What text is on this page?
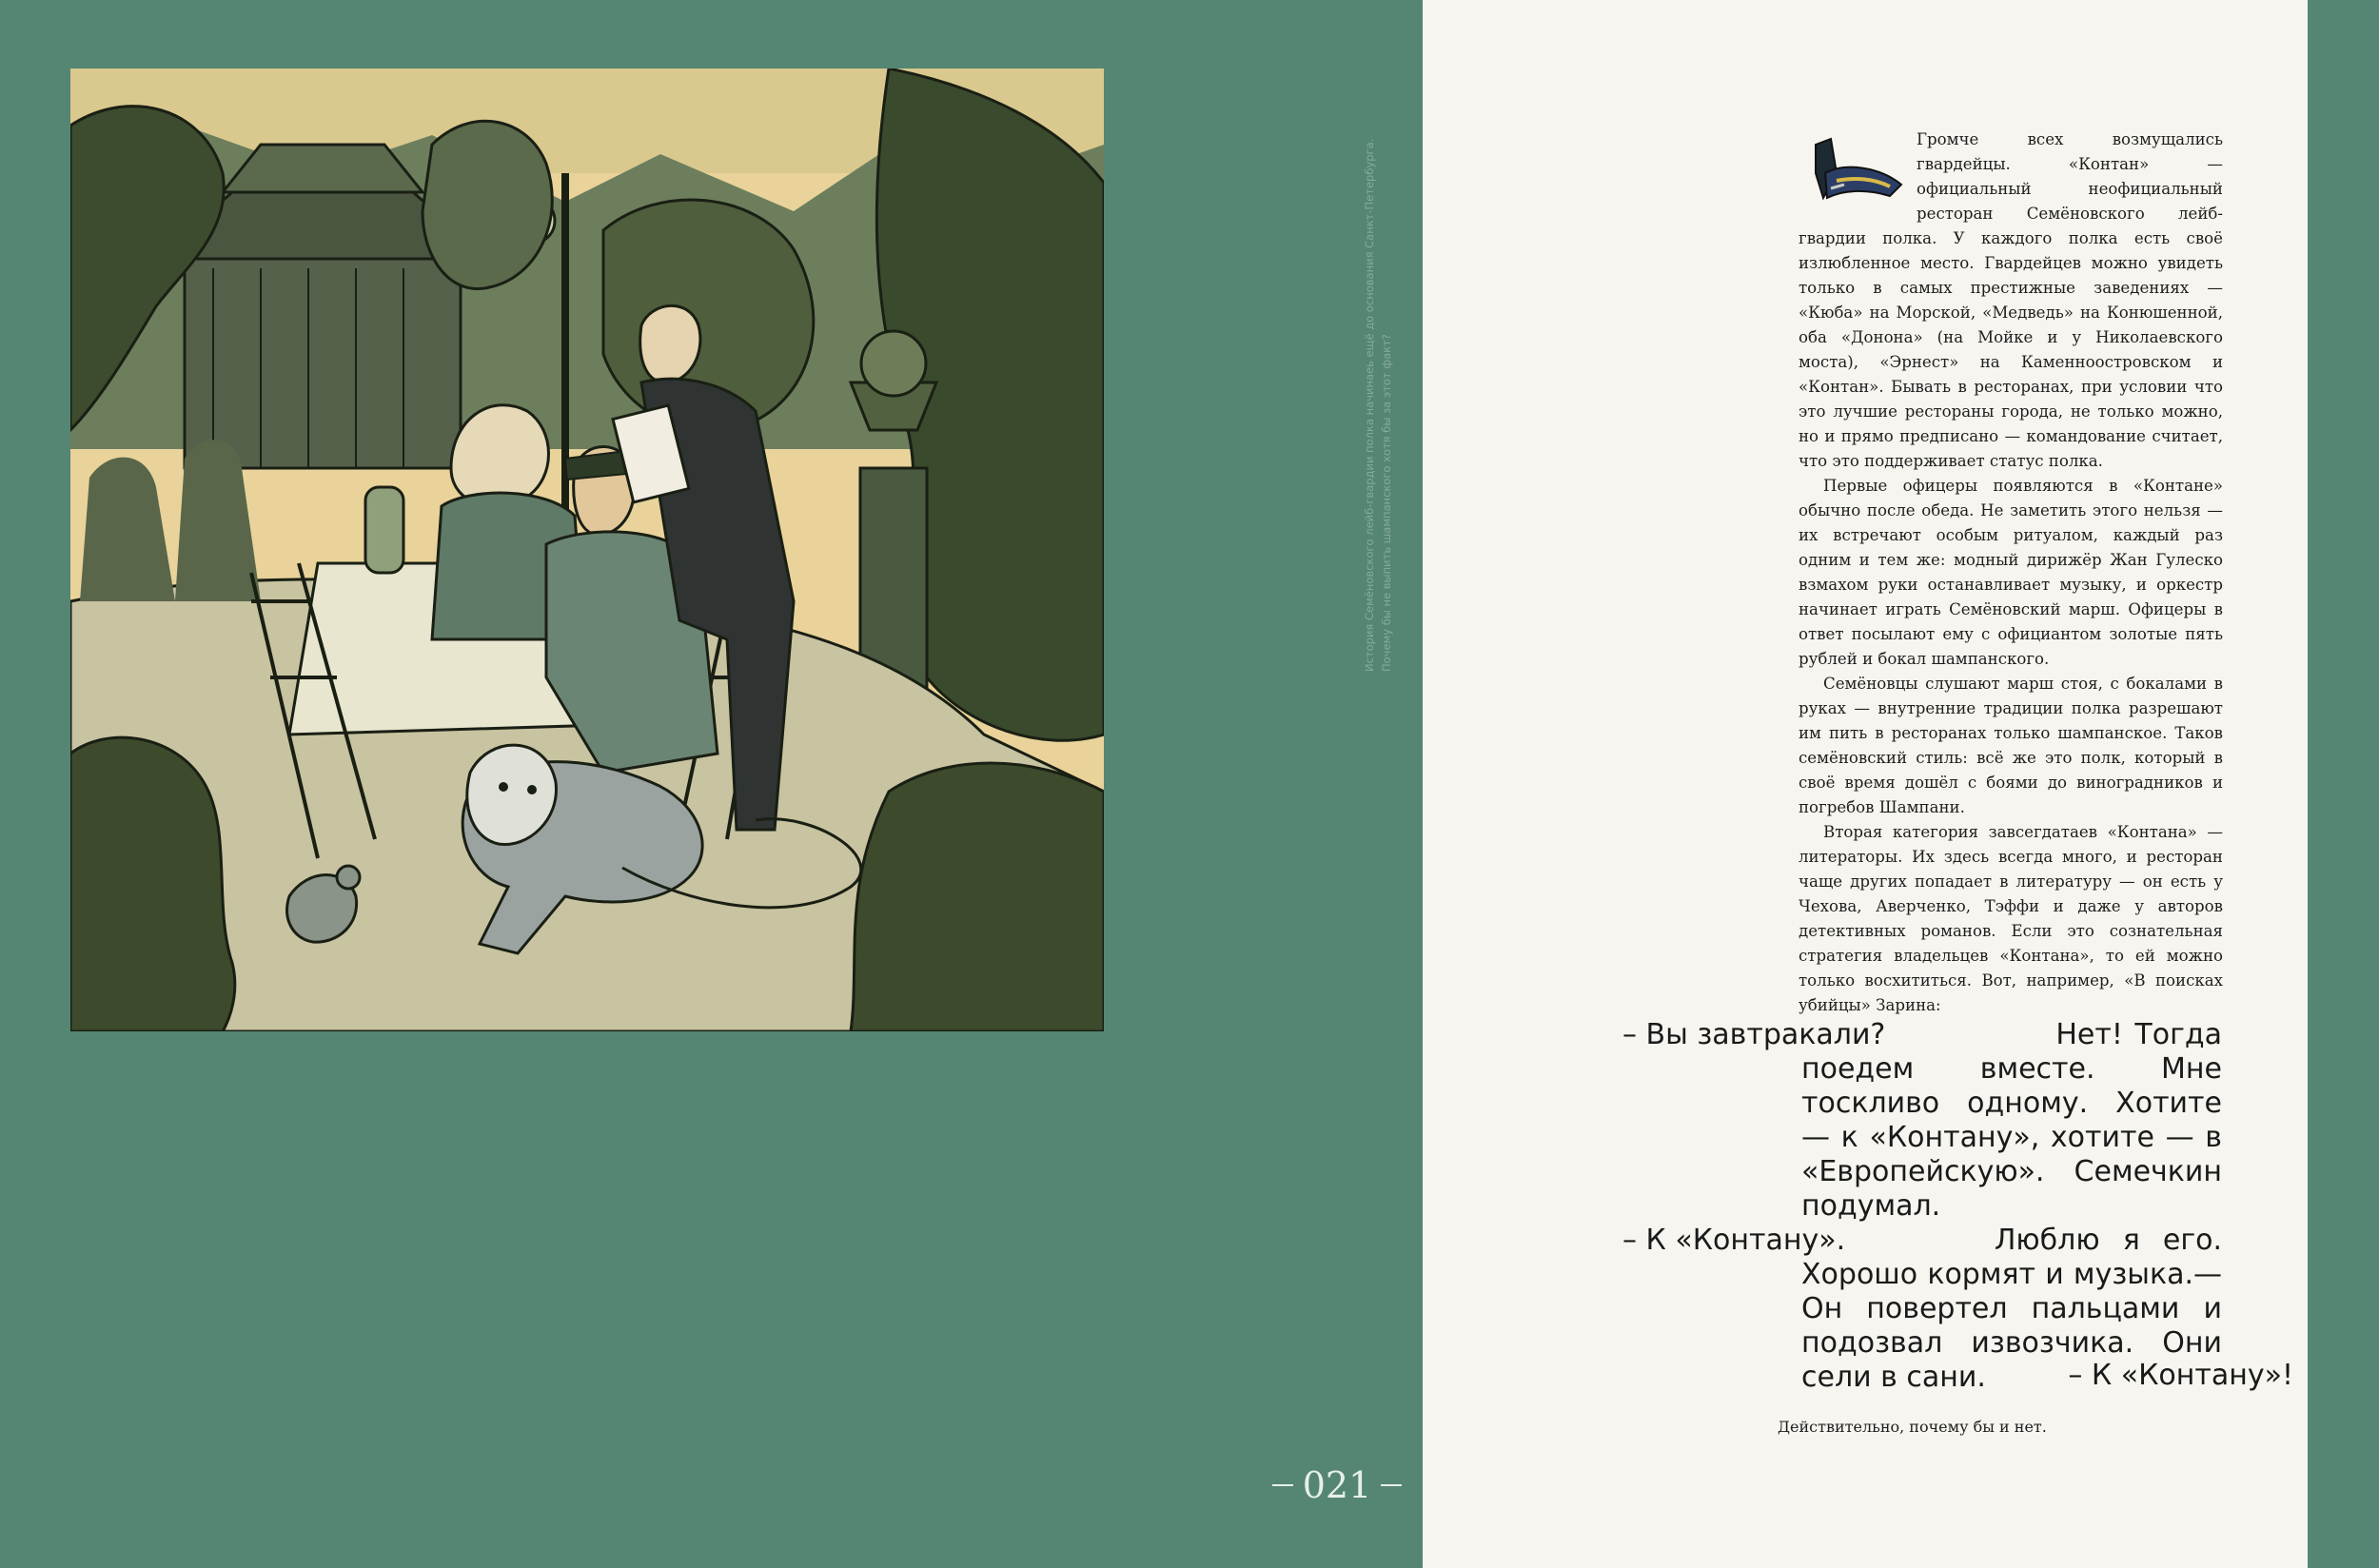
История Семёновского лейб-гвардии полка начинаеь ещё до основания Санкт-Петербурга. Почему бы не выпить шампанского хотя бы за этот факт?
021

Громче всех возмущались гвардейцы. «Контан» — официальный неофициальный ресторан Семёновского лейб-гвардии полка. У каждого полка есть своё излюбленное место. Гвардейцев можно увидеть только в самых престижные заведениях — «Кюба» на Морской, «Медведь» на Конюшенной, оба «Донона» (на Мойке и у Николаевского моста), «Эрнест» на Каменноостровском и «Контан». Бывать в ресторанах, при условии что это лучшие рестораны города, не только можно, но и прямо предписано — командование считает, что это поддерживает статус полка.

Первые офицеры появляются в «Контане» обычно после обеда. Не заметить этого нельзя — их встречают особым ритуалом, каждый раз одним и тем же: модный дирижёр Жан Гулеско взмахом руки останавливает музыку, и оркестр начинает играть Семёновский марш. Офицеры в ответ посылают ему с официантом золотые пять рублей и бокал шампанского.

Семёновцы слушают марш стоя, с бокалами в руках — внутренние традиции полка разрешают им пить в ресторанах только шампанское. Таков семёновский стиль: всё же это полк, который в своё время дошёл с боями до виноградников и погребов Шампани.

Вторая категория завсегдатаев «Контана» — литераторы. Их здесь всегда много, и ресторан чаще других попадает в литературу — он есть у Чехова, Аверченко, Тэффи и даже у авторов детективных романов. Если это сознательная стратегия владельцев «Контана», то ей можно только восхититься. Вот, например, «В поисках убийцы» Зарина:

– Вы завтракали?	Нет! Тогда поедем вместе. Мне тоскливо одному. Хотите — к «Контану», хотите — в «Европейскую». Семечкин подумал.
– К «Контану».	Люблю я его. Хорошо кормят и музыка.— Он повертел пальцами и подозвал извозчика. Они сели в сани.	– К «Контану»!
Действительно, почему бы и нет.
